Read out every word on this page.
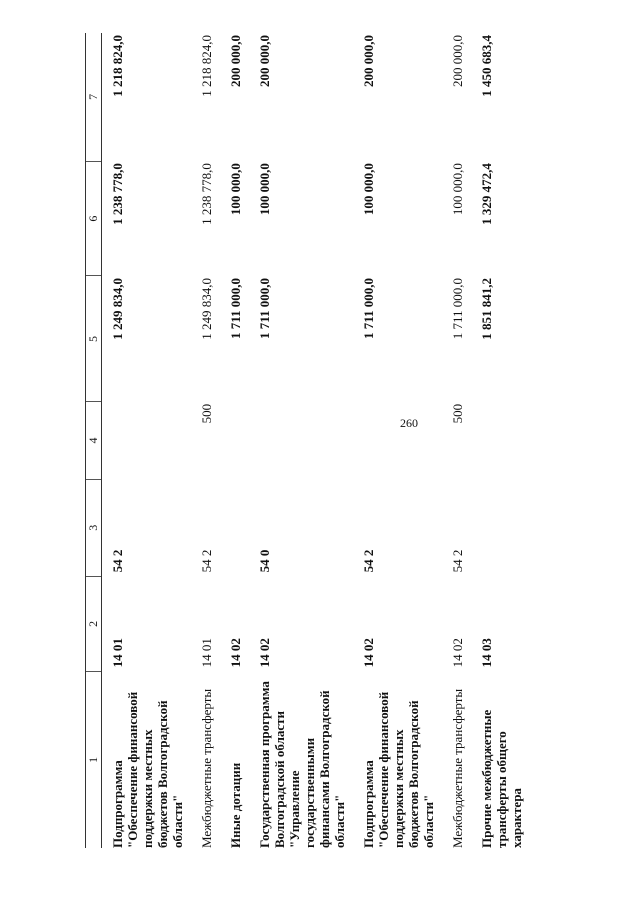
260
1	2	3	4	5	6	7
Подпрограмма "Обеспечение финансовой поддержки местных бюджетов Волгоградской области"	14 01	54 2		1 249 834,0	1 238 778,0	1 218 824,0
Межбюджетные трансферты	14 01	54 2	500	1 249 834,0	1 238 778,0	1 218 824,0
Иные дотации	14 02			1 711 000,0	100 000,0	200 000,0
Государственная программа Волгоградской области "Управление государственными финансами Волгоградской области"	14 02	54 0		1 711 000,0	100 000,0	200 000,0
Подпрограмма "Обеспечение финансовой поддержки местных бюджетов Волгоградской области"	14 02	54 2		1 711 000,0	100 000,0	200 000,0
Межбюджетные трансферты	14 02	54 2	500	1 711 000,0	100 000,0	200 000,0
Прочие межбюджетные трансферты общего характера	14 03			1 851 841,2	1 329 472,4	1 450 683,4
